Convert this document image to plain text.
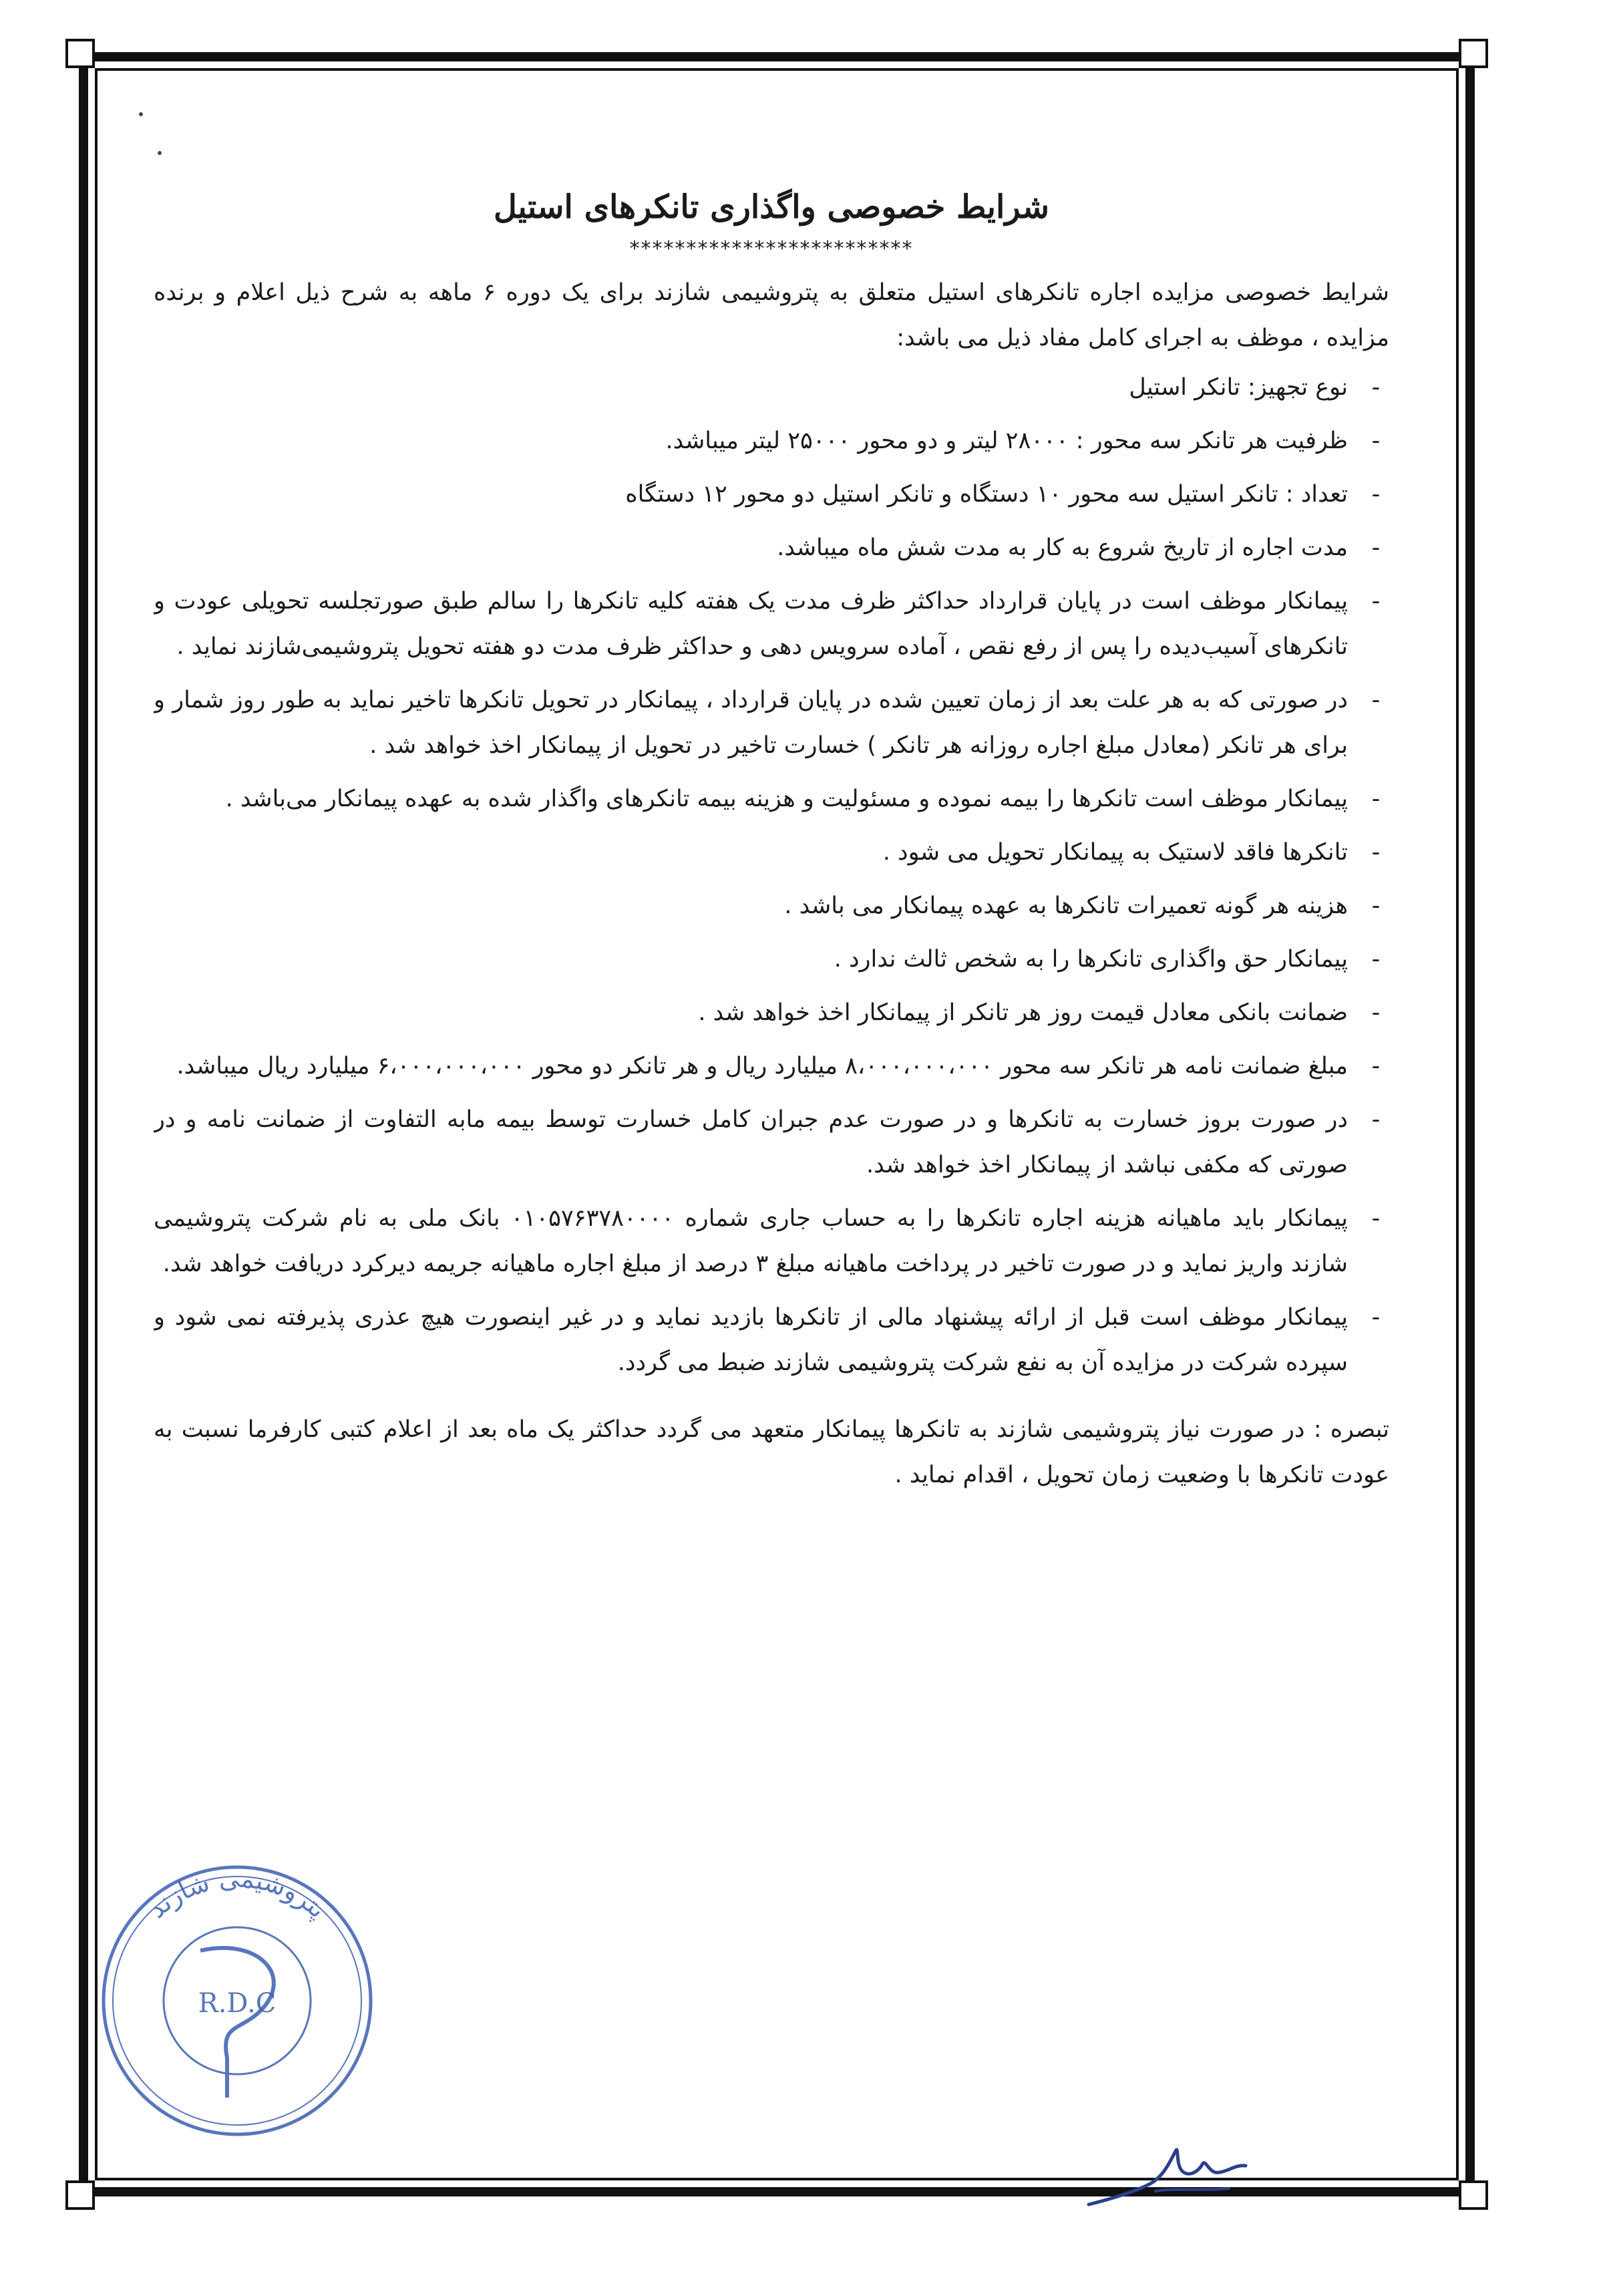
شرایط خصوصی واگذاری تانکرهای استیل
*************************

شرایط خصوصی مزایده اجاره تانکرهای استیل متعلق به پتروشیمی شازند برای یک دوره ۶ ماهه به شرح ذیل اعلام و برنده مزایده ، موظف به اجرای کامل مفاد ذیل می باشد:

-
نوع تجهیز: تانکر استیل
-
ظرفیت هر تانکر سه محور : ۲۸۰۰۰ لیتر و دو محور ۲۵۰۰۰ لیتر میباشد.
-
تعداد : تانکر استیل سه محور ۱۰ دستگاه و تانکر استیل دو محور ۱۲ دستگاه
-
مدت اجاره از تاریخ شروع به کار به مدت شش ماه میباشد.
-
پیمانکار موظف است در پایان قرارداد حداکثر ظرف مدت یک هفته کلیه تانکرها را سالم طبق صورتجلسه تحویلی عودت و تانکرهای آسیب‌دیده را پس از رفع نقص ، آماده سرویس دهی و حداکثر ظرف مدت دو هفته تحویل پتروشیمی‌شازند نماید .
-
در صورتی که به هر علت بعد از زمان تعیین شده در پایان قرارداد ، پیمانکار در تحویل تانکرها تاخیر نماید به طور روز شمار و برای هر تانکر (معادل مبلغ اجاره روزانه هر تانکر ) خسارت تاخیر در تحویل از پیمانکار اخذ خواهد شد .
-
پیمانکار موظف است تانکرها را بیمه نموده و مسئولیت و هزینه بیمه تانکرهای واگذار شده به عهده پیمانکار می‌باشد .
-
تانکرها فاقد لاستیک به پیمانکار تحویل می شود .
-
هزینه هر گونه تعمیرات تانکرها به عهده پیمانکار می باشد .
-
پیمانکار حق واگذاری تانکرها را به شخص ثالث ندارد .
-
ضمانت بانکی معادل قیمت روز هر تانکر از پیمانکار اخذ خواهد شد .
-
مبلغ ضمانت نامه هر تانکر سه محور ۸،۰۰۰،۰۰۰،۰۰۰ میلیارد ریال و هر تانکر دو محور ۶،۰۰۰،۰۰۰،۰۰۰ میلیارد ریال میباشد.
-
در صورت بروز خسارت به تانکرها و در صورت عدم جبران کامل خسارت توسط بیمه مابه التفاوت از ضمانت نامه و در صورتی که مکفی نباشد از پیمانکار اخذ خواهد شد.
-
پیمانکار باید ماهیانه هزینه اجاره تانکرها را به حساب جاری شماره ۰۱۰۵۷۶۳۷۸۰۰۰۰ بانک ملی به نام شرکت پتروشیمی شازند واریز نماید و در صورت تاخیر در پرداخت ماهیانه مبلغ ۳ درصد از مبلغ اجاره ماهیانه جریمه دیرکرد دریافت خواهد شد.
-
پیمانکار موظف است قبل از ارائه پیشنهاد مالی از تانکرها بازدید نماید و در غیر اینصورت هیچ عذری پذیرفته نمی شود و سپرده شرکت در مزایده آن به نفع شرکت پتروشیمی شازند ضبط می گردد.

تبصره : در صورت نیاز پتروشیمی شازند به تانکرها پیمانکار متعهد می گردد حداکثر یک ماه بعد از اعلام کتبی کارفرما نسبت به عودت تانکرها با وضعیت زمان تحویل ، اقدام نماید .

پتروشیمی شازند
R.D.C
